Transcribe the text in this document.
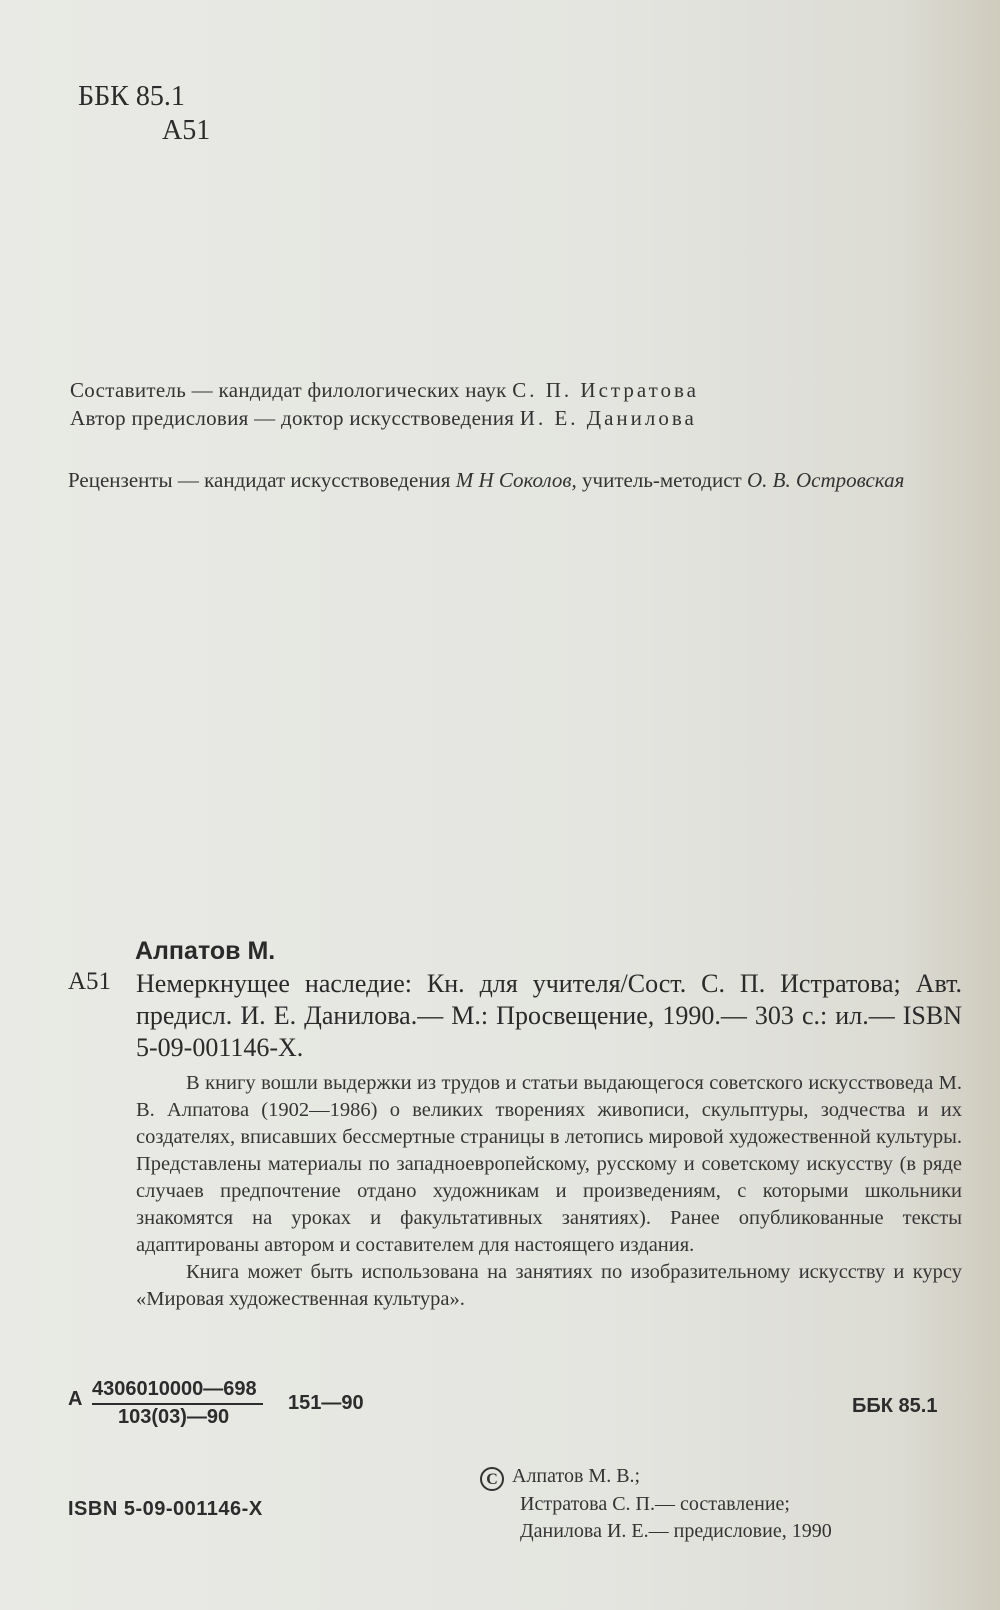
ББК 85.1
А51
Составитель — кандидат филологических наук С. П. Истратова
Автор предисловия — доктор искусствоведения И. Е. Данилова
Рецензенты — кандидат искусствоведения М Н Соколов, учитель-методист О. В. Островская
Алпатов М.
А51 Немеркнущее наследие: Кн. для учителя/Сост. С. П. Истратова; Авт. предисл. И. Е. Данилова.— М.: Просвещение, 1990.— 303 с.: ил.— ISBN 5-09-001146-X.

В книгу вошли выдержки из трудов и статьи выдающегося советского искусствоведа М. В. Алпатова (1902—1986) о великих творениях живописи, скульптуры, зодчества и их создателях, вписавших бессмертные страницы в летопись мировой художественной культуры. Представлены материалы по западноевропейскому, русскому и советскому искусству (в ряде случаев предпочтение отдано художникам и произведениям, с которыми школьники знакомятся на уроках и факультативных занятиях). Ранее опубликованные тексты адаптированы автором и составителем для настоящего издания.

Книга может быть использована на занятиях по изобразительному искусству и курсу «Мировая художественная культура».

А 4306010000—698
103(03)—90
151—90	ББК 85.1
ISBN 5-09-001146-X
C Алпатов М. В.;
Истратова С. П.— составление;
Данилова И. Е.— предисловие, 1990
